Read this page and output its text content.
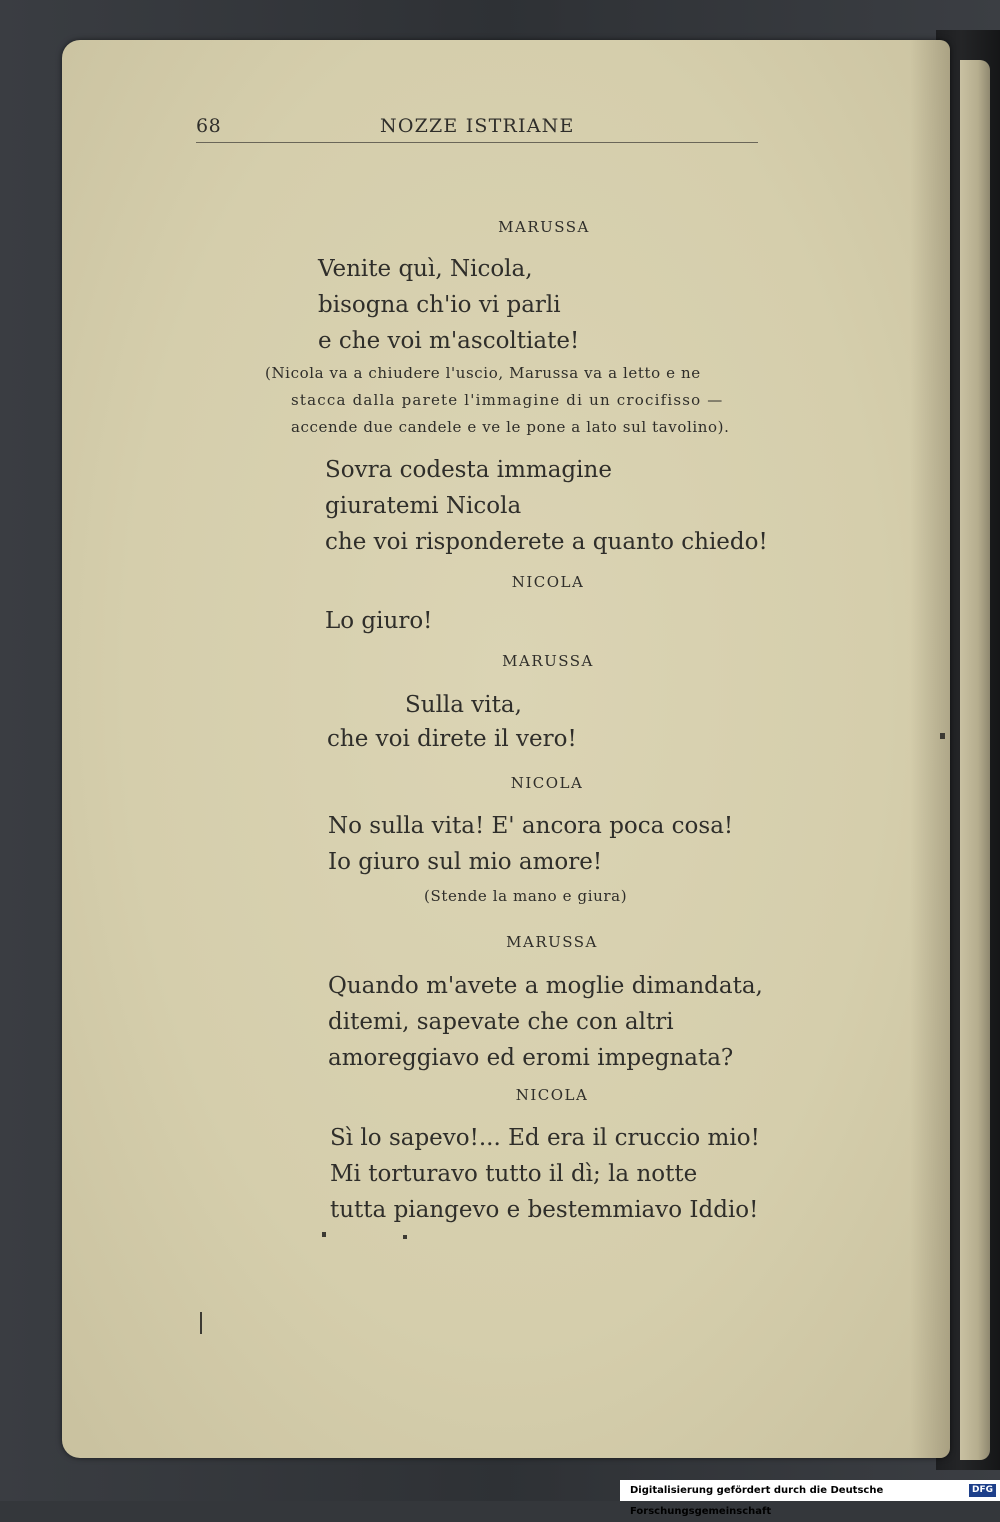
68	NOZZE ISTRIANE
MARUSSA
Venite quì, Nicola,
bisogna ch'io vi parli
e che voi m'ascoltiate!
(Nicola va a chiudere l'uscio, Marussa va a letto e ne
stacca dalla parete l'immagine di un crocifisso —
accende due candele e ve le pone a lato sul tavolino).
Sovra codesta immagine
giuratemi Nicola
che voi risponderete a quanto chiedo!
NICOLA
Lo giuro!
MARUSSA
Sulla vita,
che voi direte il vero!
NICOLA
No sulla vita! E' ancora poca cosa!
Io giuro sul mio amore!
(Stende la mano e giura)
MARUSSA
Quando m'avete a moglie dimandata,
ditemi, sapevate che con altri
amoreggiavo ed eromi impegnata?
NICOLA
Sì lo sapevo!... Ed era il cruccio mio!
Mi torturavo tutto il dì; la notte
tutta piangevo e bestemmiavo Iddio!
Digitalisierung gefördert durch die Deutsche Forschungsgemeinschaft
DFG
